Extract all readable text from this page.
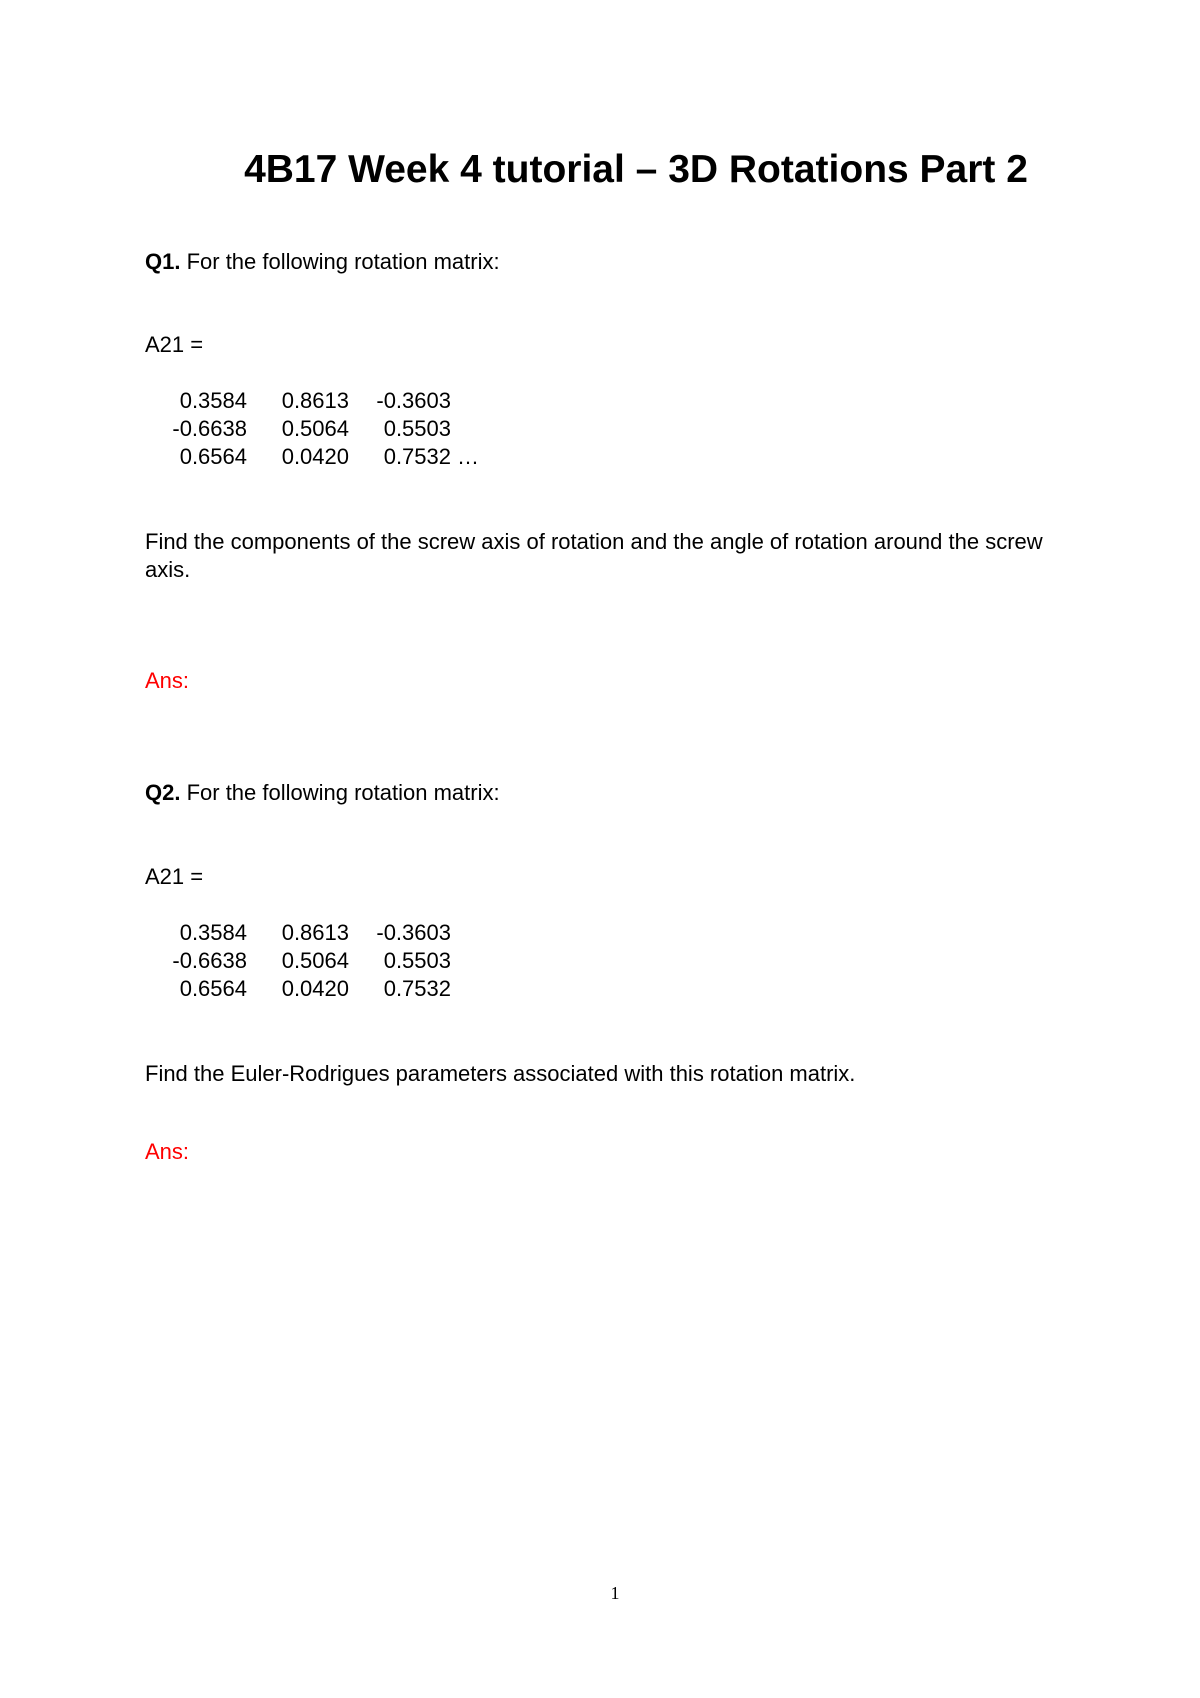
4B17 Week 4 tutorial – 3D Rotations Part 2
Q1. For the following rotation matrix:
A21 =
0.3584	0.8613	-0.3603
-0.6638	0.5064	0.5503
0.6564	0.0420	0.7532 …
Find the components of the screw axis of rotation and the angle of rotation around the screw axis.
Ans:
Q2. For the following rotation matrix:
A21 =
0.3584	0.8613	-0.3603
-0.6638	0.5064	0.5503
0.6564	0.0420	0.7532
Find the Euler-Rodrigues parameters associated with this rotation matrix.
Ans:
1
